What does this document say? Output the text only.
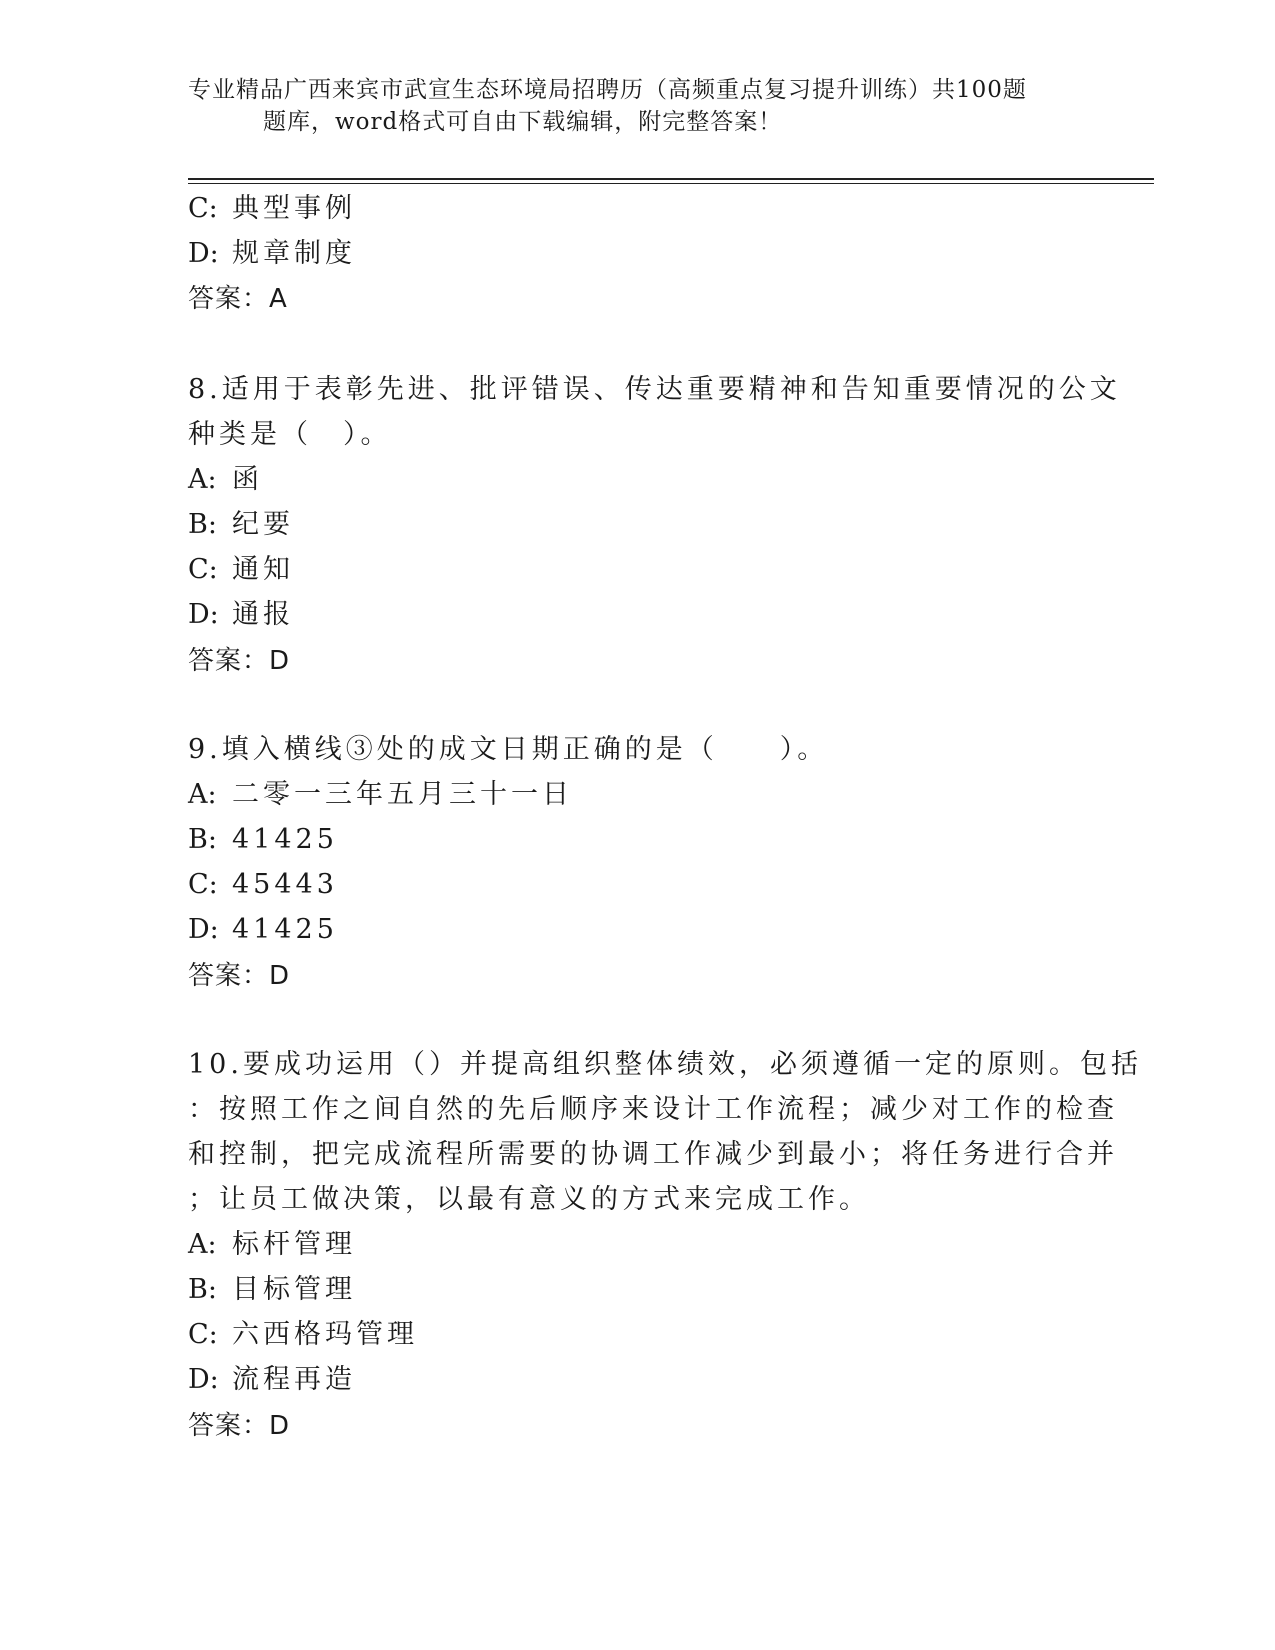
专业精品广西来宾市武宣生态环境局招聘历（高频重点复习提升训练）共100题
题库，word格式可自由下载编辑，附完整答案！
C: 典型事例
D: 规章制度
答案：A
8.适用于表彰先进、批评错误、传达重要精神和告知重要情况的公文
种类是（　）。
A: 函
B: 纪要
C: 通知
D: 通报
答案：D
9.填入横线③处的成文日期正确的是（　　）。
A: 二零一三年五月三十一日
B: 41425
C: 45443
D: 41425
答案：D
10.要成功运用（）并提高组织整体绩效，必须遵循一定的原则。包括
：按照工作之间自然的先后顺序来设计工作流程；减少对工作的检查
和控制，把完成流程所需要的协调工作减少到最小；将任务进行合并
；让员工做决策，以最有意义的方式来完成工作。
A: 标杆管理
B: 目标管理
C: 六西格玛管理
D: 流程再造
答案：D
